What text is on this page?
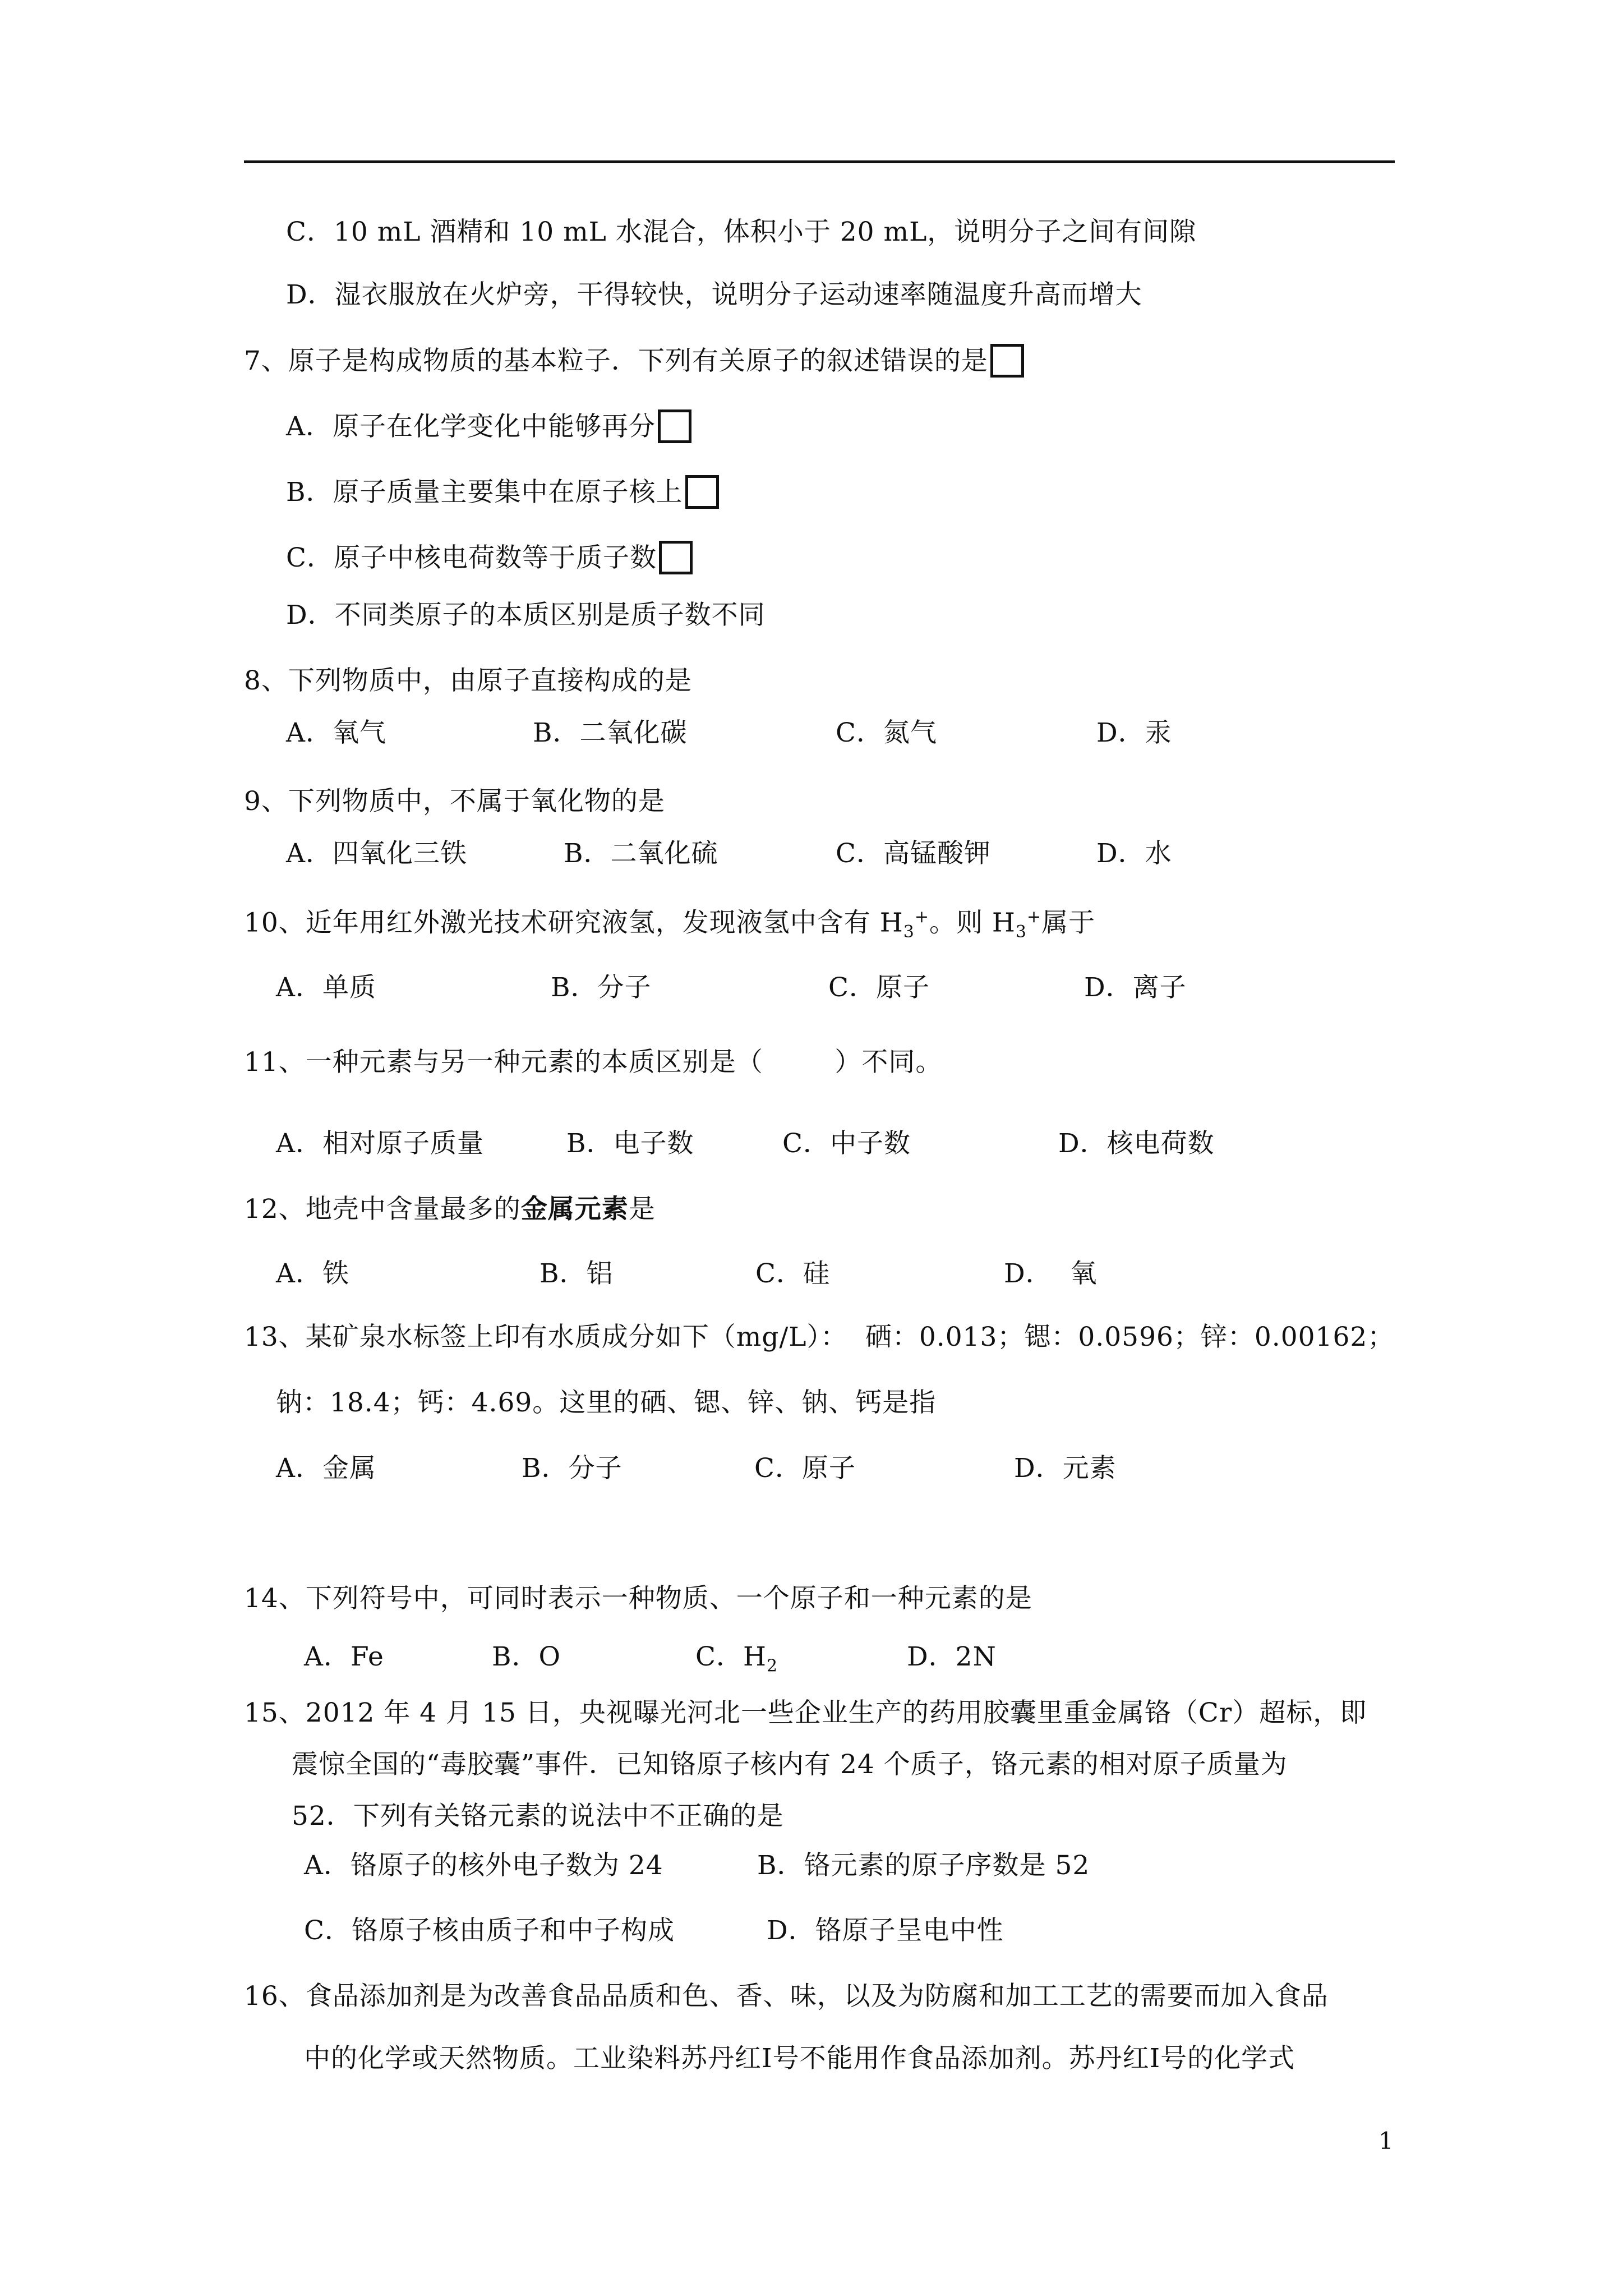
C．10 mL 酒精和 10 mL 水混合，体积小于 20 mL，说明分子之间有间隙
D．湿衣服放在火炉旁，干得较快，说明分子运动速率随温度升高而增大
7、原子是构成物质的基本粒子．下列有关原子的叙述错误的是
A．原子在化学变化中能够再分
B．原子质量主要集中在原子核上
C．原子中核电荷数等于质子数
D．不同类原子的本质区别是质子数不同
8、下列物质中，由原子直接构成的是
A．氧气	B．二氧化碳	C．氮气	D．汞
9、下列物质中，不属于氧化物的是
A．四氧化三铁	B．二氧化硫	C．高锰酸钾	D．水
10、近年用红外激光技术研究液氢，发现液氢中含有 $H_3^+$。则 $H_3^+$属于
A．单质	B．分子	C．原子	D．离子
11、一种元素与另一种元素的本质区别是（        ）不同。
A．相对原子质量	B．电子数	C．中子数	D．核电荷数
12、地壳中含量最多的金属元素是
A．铁	B．铝	C．硅	D．  氧
13、某矿泉水标签上印有水质成分如下（mg/L）：  硒：0.013；锶：0.0596；锌：0.00162；
钠：18.4；钙：4.69。这里的硒、锶、锌、钠、钙是指
A．金属	B．分子	C．原子	D．元素
14、下列符号中，可同时表示一种物质、一个原子和一种元素的是
A．Fe	B．O	C．$H_2$	D．2N
15、2012 年 4 月 15 日，央视曝光河北一些企业生产的药用胶囊里重金属铬（Cr）超标，即
震惊全国的“毒胶囊”事件．已知铬原子核内有 24 个质子，铬元素的相对原子质量为
52．下列有关铬元素的说法中不正确的是
A．铬原子的核外电子数为 24	B．铬元素的原子序数是 52
C．铬原子核由质子和中子构成	D．铬原子呈电中性
16、食品添加剂是为改善食品品质和色、香、味，以及为防腐和加工工艺的需要而加入食品
中的化学或天然物质。工业染料苏丹红Ⅰ号不能用作食品添加剂。苏丹红Ⅰ号的化学式
1
